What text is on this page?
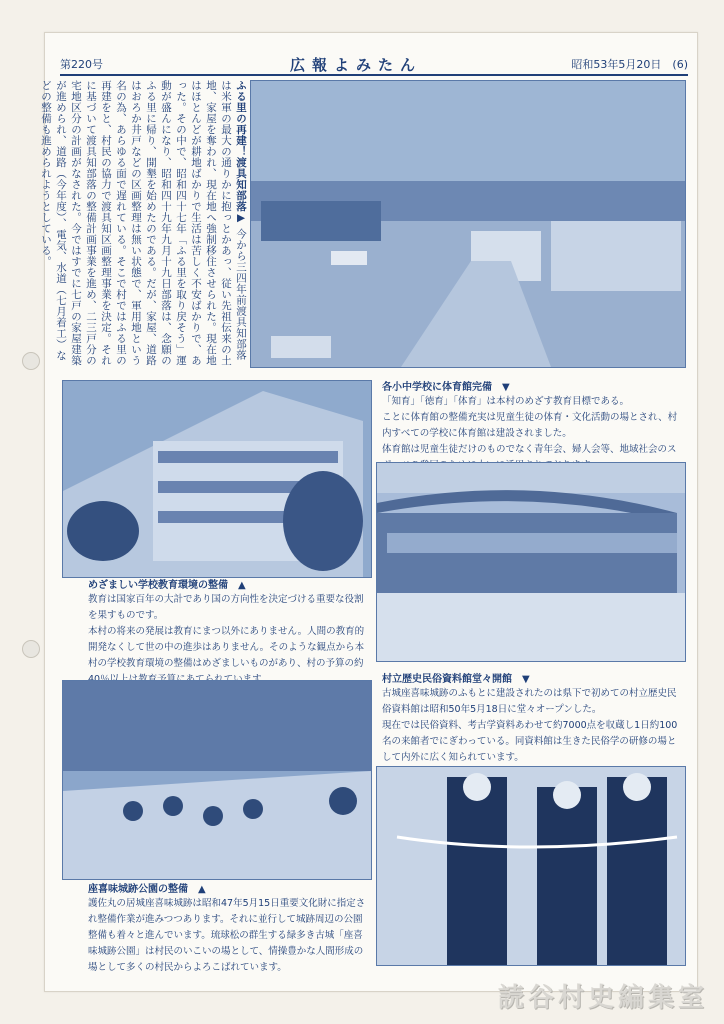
第220号	広報よみたん	昭和53年5月20日　(6)
ふる里の再建！渡具知部落▶ 今から三四年前渡具知部落は米軍の最大の通りかに抱っとかあっ、従い先祖伝来の土地、家屋を奪われ、現在地へ強制移住させられた。現在地はほとんどが耕地ばかりで生活は苦しく不安ばかりで、あった。その中で、昭和四十七年「ふる里を取り戻そう」運動が盛んになり、昭和四十九年九月十九日部落は、念願のふる里に帰り、開墾を始めたのである。だが、家屋、道路はおろか井戸などの区画整理は無い状態で、軍用地という名の為、あらゆる面で遅れている。そこで村ではふる里の再建をと、村民の協力で渡具知区画整理事業を決定。それに基づいて渡具知部落の整備計画事業を進め、二三戸分の宅地区分の計画がなされた。今ではすでに七戸の家屋建築が進められ、道路（今年度）、電気、水道（七月着工）などの整備も進められようとしている。
めざましい学校教育環境の整備　▲

教育は国家百年の大計であり国の方向性を決定づける重要な役割を果すものです。

本村の将来の発展は教育にまつ以外にありません。人間の教育的開発なくして世の中の進歩はありません。そのような観点から本村の学校教育環境の整備はめざましいものがあり、村の予算の約

各小中学校に体育館完備　▼

「知育」「徳育」「体育」は本村のめざす教育目標である。

ことに体育館の整備充実は児童生徒の体育・文化活動の場とされ、村内すべての学校に体育館は建設されました。

体育館は児童生徒だけのものでなく青年会、婦人会等、地域社会のス

座喜味城跡公園の整備　▲

護佐丸の居城座喜味城跡は昭和47年5月15日重要文化財に指定され整備作業が進みつつあります。それに並行して城跡周辺の公園整備も着々と進んでいます。琉球松の群生する緑多き古城「座喜味城跡公園」は村民のいこいの場として、情操豊かな人間形成の場として多くの村民からよろこばれています。

村立歴史民俗資料館堂々開館　▼

古城座喜味城跡のふもとに建設されたのは県下で初めての村立歴史民俗資料館は昭和50年5月18日に堂々オープンした。

現在では民俗資料、考古学資料あわせて約7000点を収蔵し1日約100名の来館者でにぎわっている。同資料館は生きた民俗学の研修の場として内外に広く知られています。

読谷村史編集室
